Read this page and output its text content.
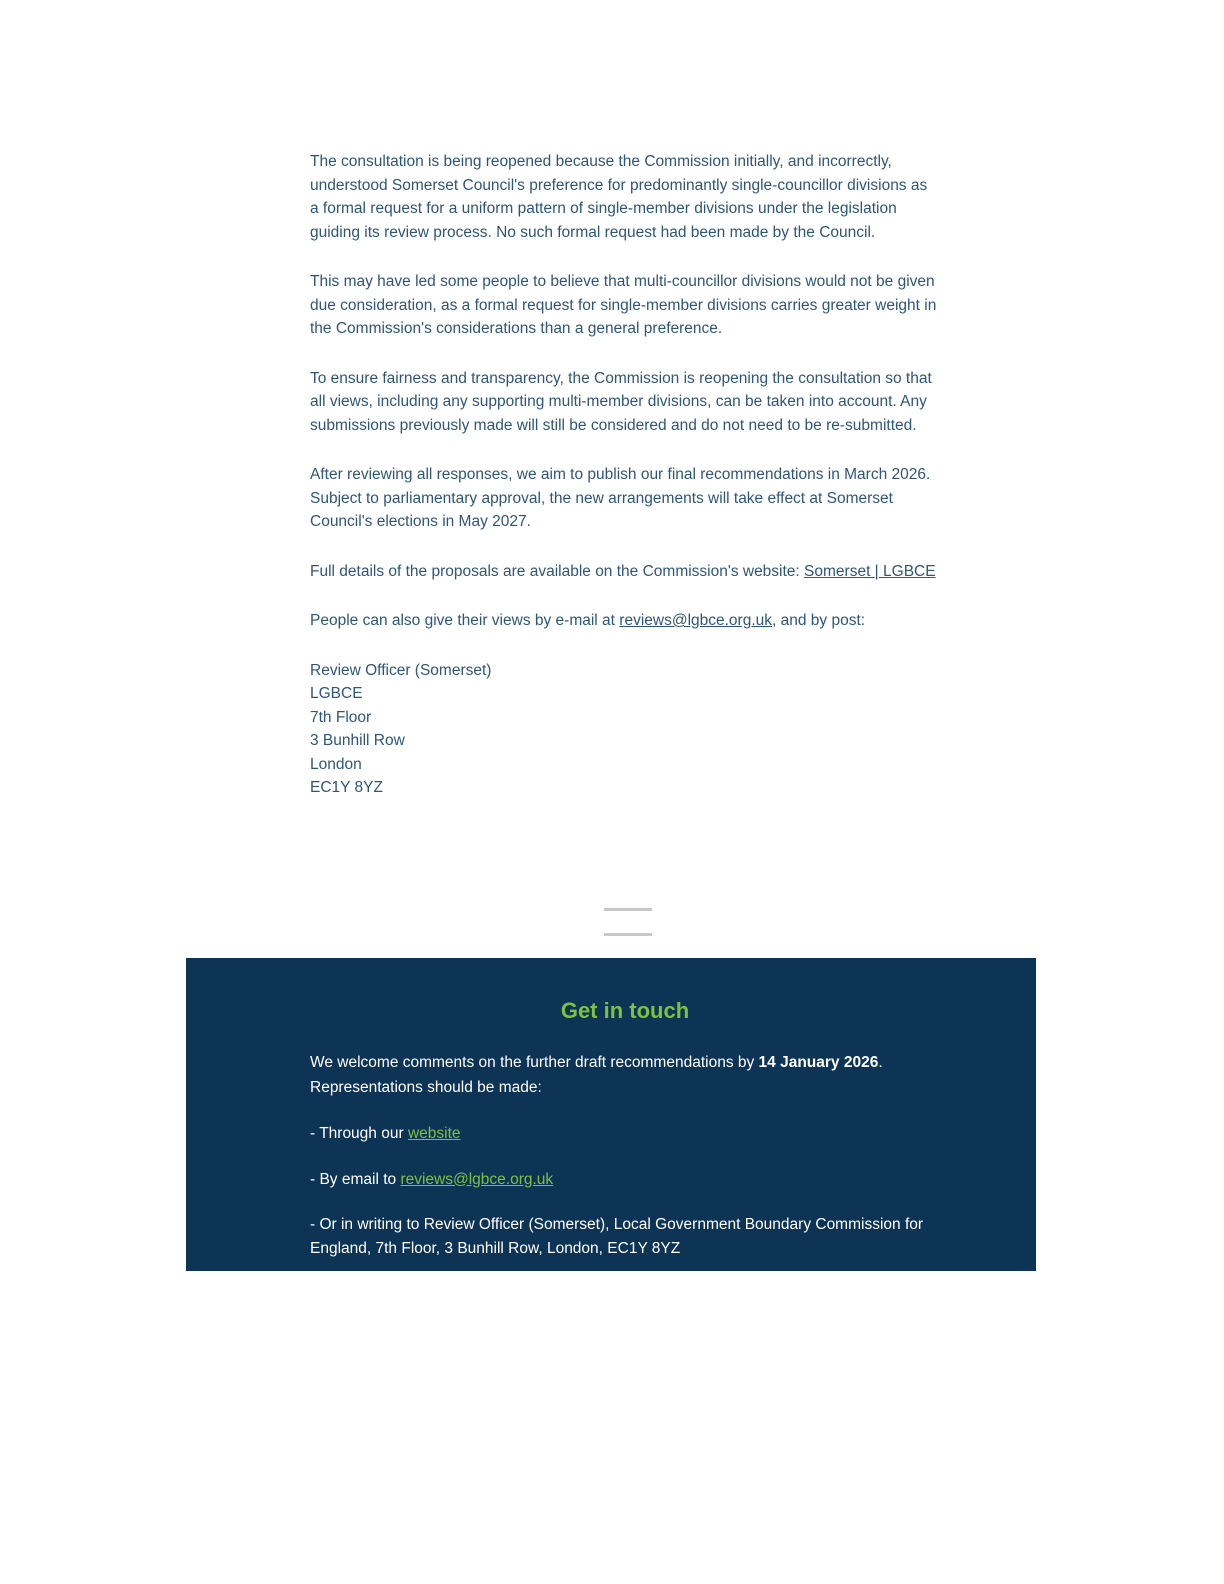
The consultation is being reopened because the Commission initially, and incorrectly, understood Somerset Council's preference for predominantly single-councillor divisions as a formal request for a uniform pattern of single-member divisions under the legislation guiding its review process. No such formal request had been made by the Council.

This may have led some people to believe that multi-councillor divisions would not be given due consideration, as a formal request for single-member divisions carries greater weight in the Commission's considerations than a general preference.

To ensure fairness and transparency, the Commission is reopening the consultation so that all views, including any supporting multi-member divisions, can be taken into account. Any submissions previously made will still be considered and do not need to be re-submitted.

After reviewing all responses, we aim to publish our final recommendations in March 2026. Subject to parliamentary approval, the new arrangements will take effect at Somerset Council's elections in May 2027.

Full details of the proposals are available on the Commission's website: Somerset | LGBCE

People can also give their views by e-mail at reviews@lgbce.org.uk, and by post:

Review Officer (Somerset)
LGBCE
7th Floor
3 Bunhill Row
London
EC1Y 8YZ

Get in touch

We welcome comments on the further draft recommendations by 14 January 2026. Representations should be made:

- Through our website

- By email to reviews@lgbce.org.uk

- Or in writing to Review Officer (Somerset), Local Government Boundary Commission for England, 7th Floor, 3 Bunhill Row, London, EC1Y 8YZ
